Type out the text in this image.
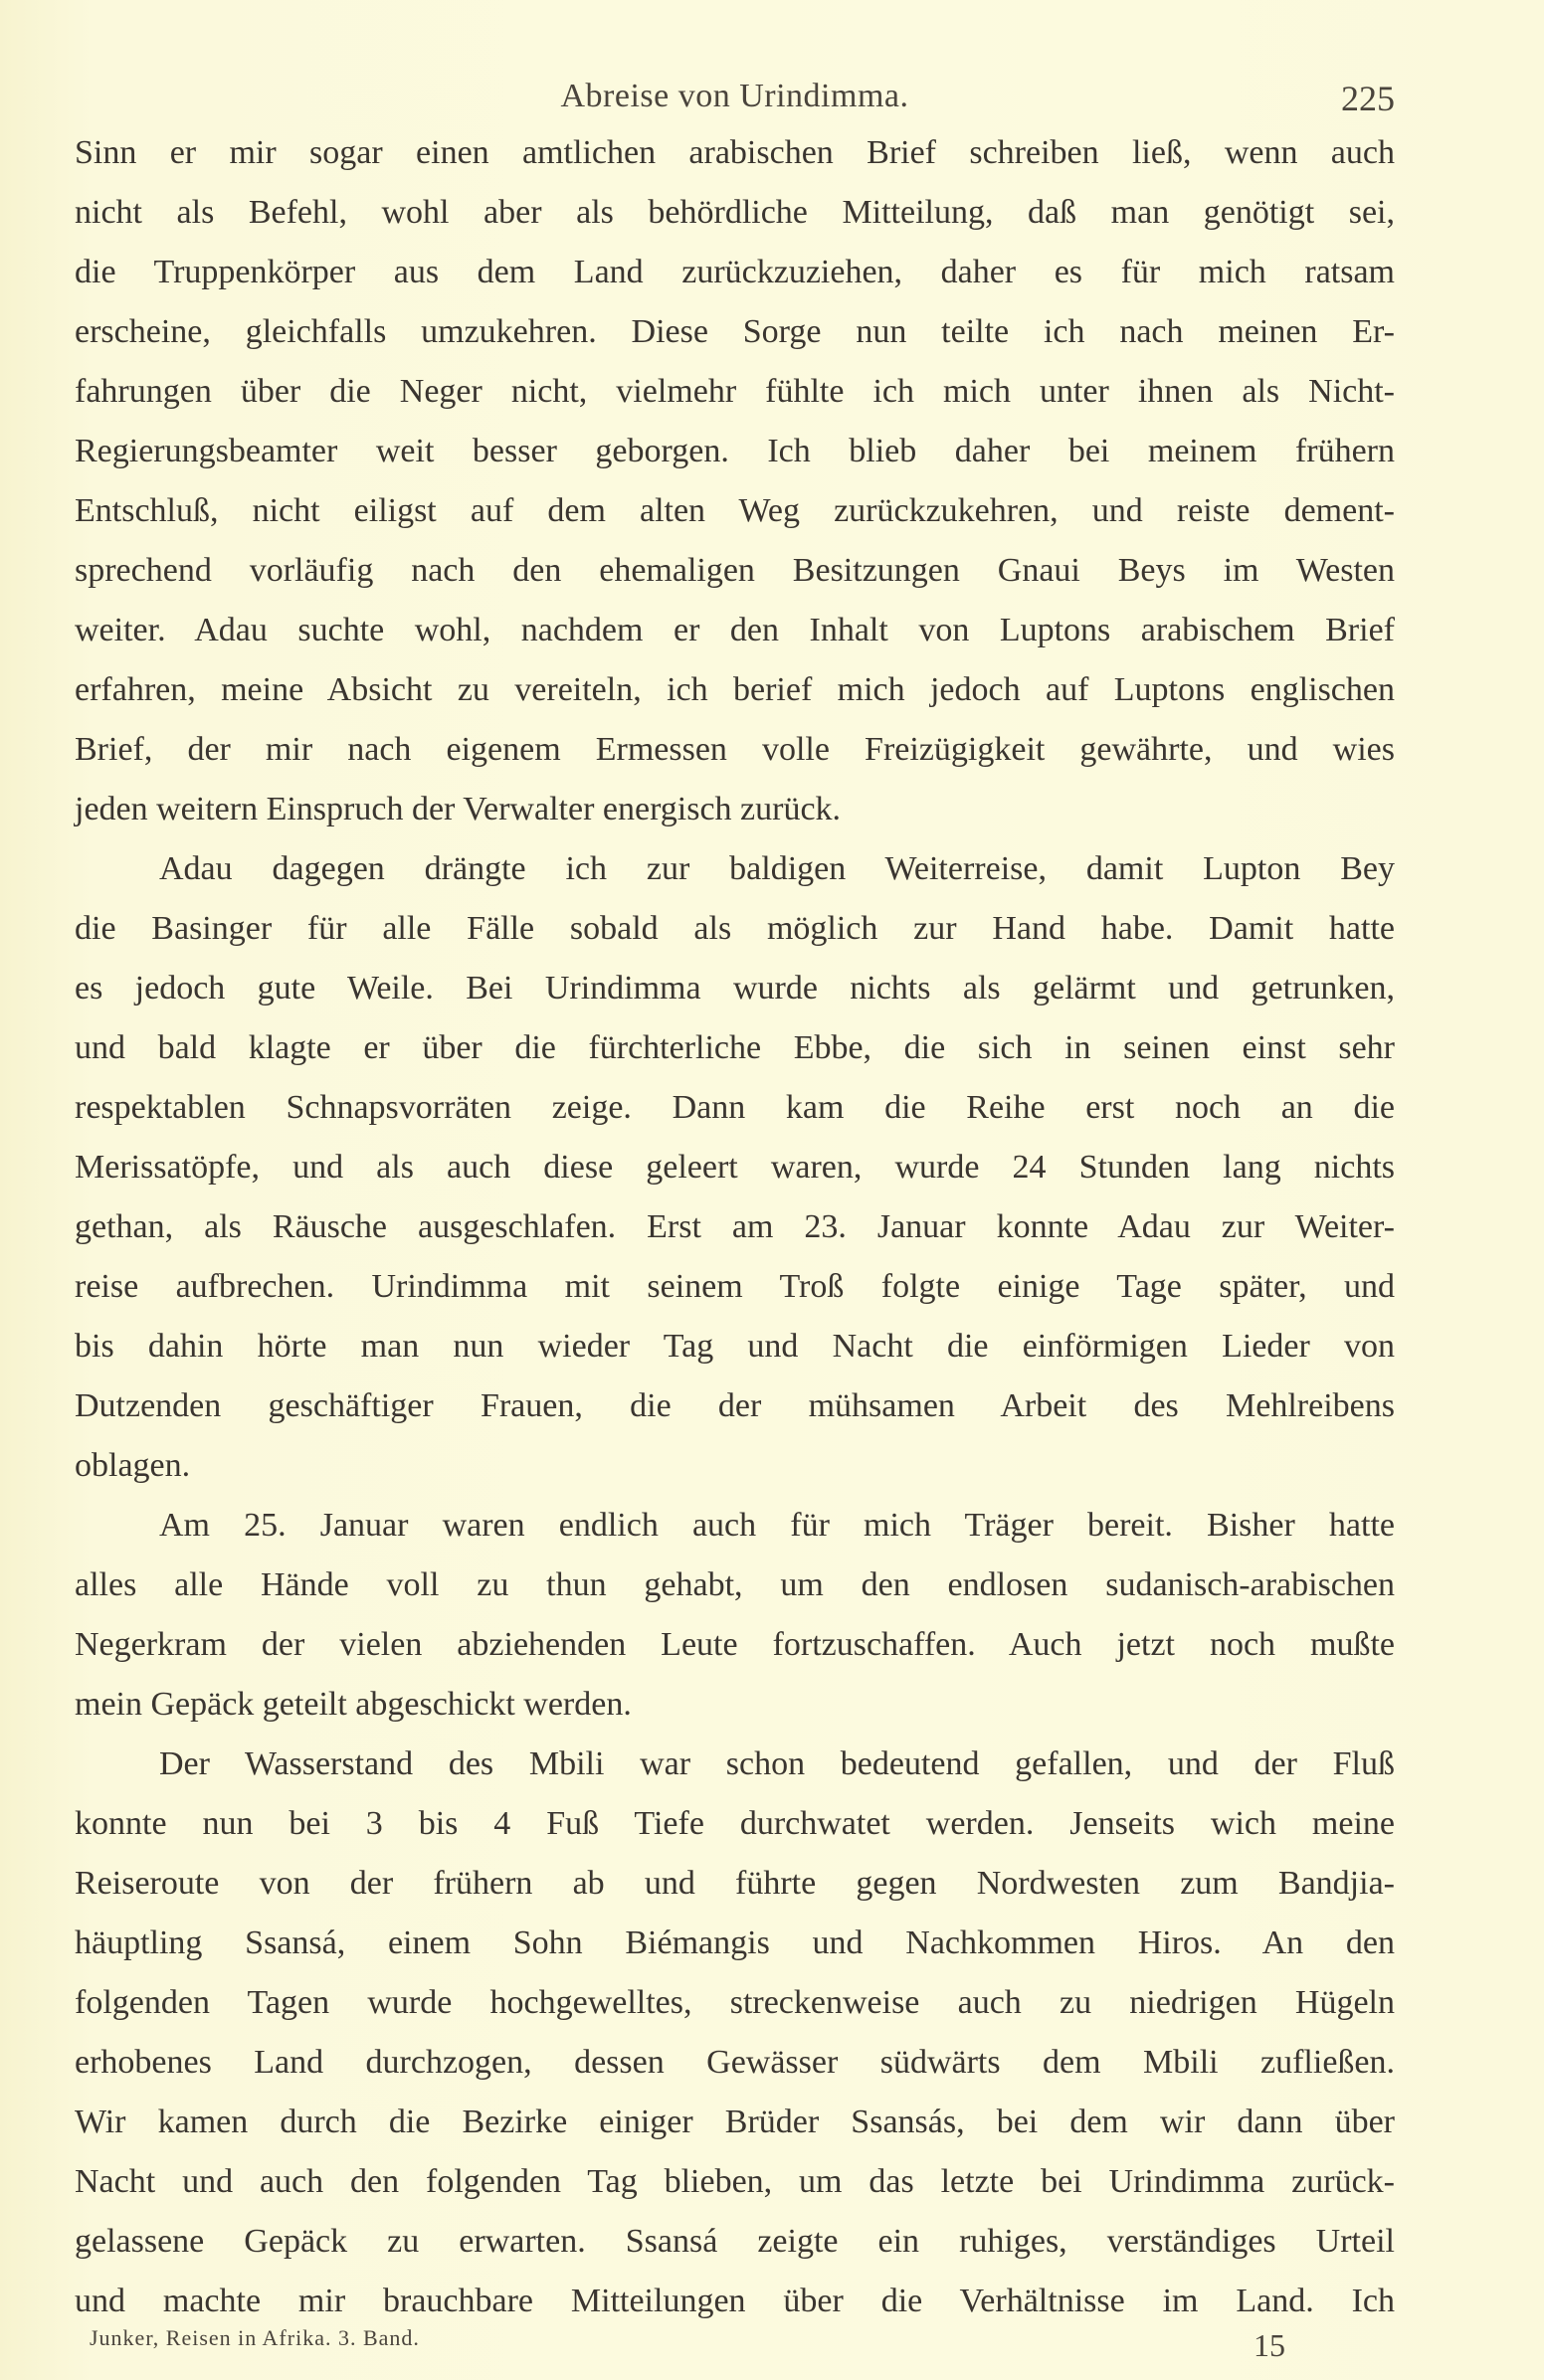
Abreise von Urindimma.	225
Sinn er mir sogar einen amtlichen arabischen Brief schreiben ließ, wenn auch
nicht als Befehl, wohl aber als behördliche Mitteilung, daß man genötigt sei,
die Truppenkörper aus dem Land zurückzuziehen, daher es für mich ratsam
erscheine, gleichfalls umzukehren. Diese Sorge nun teilte ich nach meinen Er-
fahrungen über die Neger nicht, vielmehr fühlte ich mich unter ihnen als Nicht-
Regierungsbeamter weit besser geborgen. Ich blieb daher bei meinem frühern
Entschluß, nicht eiligst auf dem alten Weg zurückzukehren, und reiste dement-
sprechend vorläufig nach den ehemaligen Besitzungen Gnaui Beys im Westen
weiter. Adau suchte wohl, nachdem er den Inhalt von Luptons arabischem Brief
erfahren, meine Absicht zu vereiteln, ich berief mich jedoch auf Luptons englischen
Brief, der mir nach eigenem Ermessen volle Freizügigkeit gewährte, und wies
jeden weitern Einspruch der Verwalter energisch zurück.
Adau dagegen drängte ich zur baldigen Weiterreise, damit Lupton Bey
die Basinger für alle Fälle sobald als möglich zur Hand habe. Damit hatte
es jedoch gute Weile. Bei Urindimma wurde nichts als gelärmt und getrunken,
und bald klagte er über die fürchterliche Ebbe, die sich in seinen einst sehr
respektablen Schnapsvorräten zeige. Dann kam die Reihe erst noch an die
Merissatöpfe, und als auch diese geleert waren, wurde 24 Stunden lang nichts
gethan, als Räusche ausgeschlafen. Erst am 23. Januar konnte Adau zur Weiter-
reise aufbrechen. Urindimma mit seinem Troß folgte einige Tage später, und
bis dahin hörte man nun wieder Tag und Nacht die einförmigen Lieder von
Dutzenden geschäftiger Frauen, die der mühsamen Arbeit des Mehlreibens
oblagen.
Am 25. Januar waren endlich auch für mich Träger bereit. Bisher hatte
alles alle Hände voll zu thun gehabt, um den endlosen sudanisch-arabischen
Negerkram der vielen abziehenden Leute fortzuschaffen. Auch jetzt noch mußte
mein Gepäck geteilt abgeschickt werden.
Der Wasserstand des Mbili war schon bedeutend gefallen, und der Fluß
konnte nun bei 3 bis 4 Fuß Tiefe durchwatet werden. Jenseits wich meine
Reiseroute von der frühern ab und führte gegen Nordwesten zum Bandjia-
häuptling Ssansá, einem Sohn Biémangis und Nachkommen Hiros. An den
folgenden Tagen wurde hochgewelltes, streckenweise auch zu niedrigen Hügeln
erhobenes Land durchzogen, dessen Gewässer südwärts dem Mbili zufließen.
Wir kamen durch die Bezirke einiger Brüder Ssansás, bei dem wir dann über
Nacht und auch den folgenden Tag blieben, um das letzte bei Urindimma zurück-
gelassene Gepäck zu erwarten. Ssansá zeigte ein ruhiges, verständiges Urteil
und machte mir brauchbare Mitteilungen über die Verhältnisse im Land. Ich
Junker, Reisen in Afrika. 3. Band.	15
